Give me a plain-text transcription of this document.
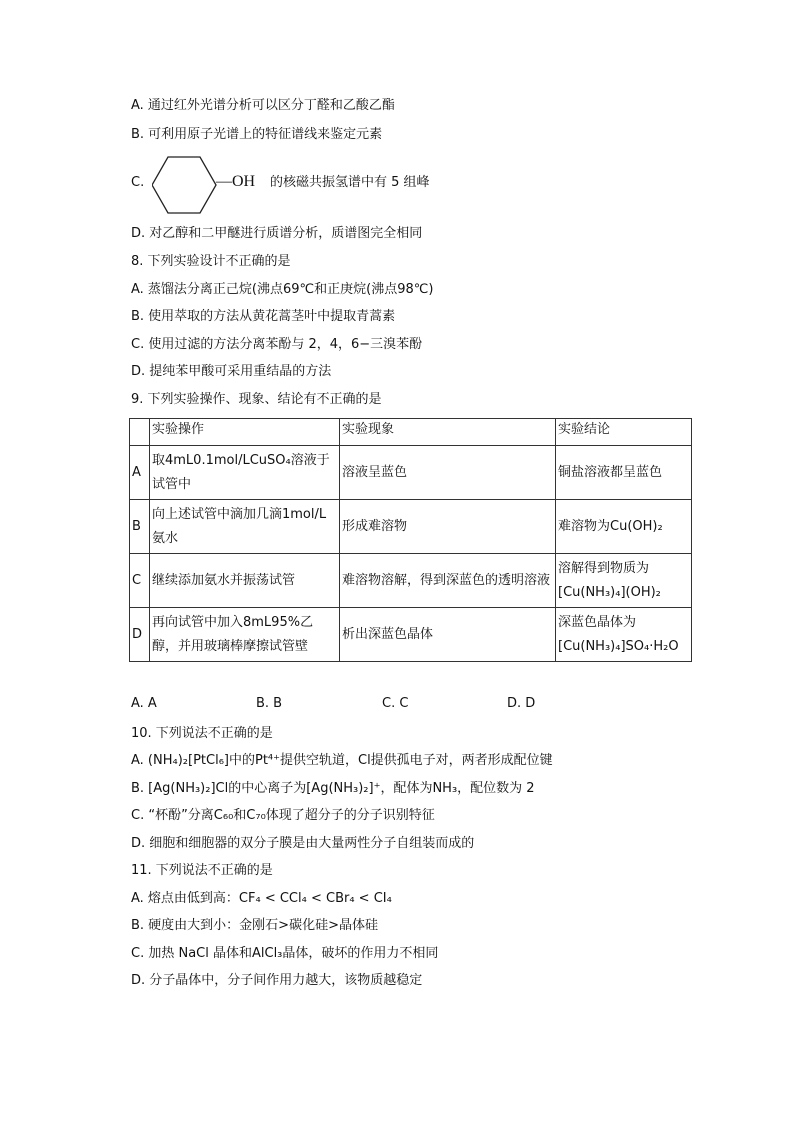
A. 通过红外光谱分析可以区分丁醛和乙酸乙酯
B. 可利用原子光谱上的特征谱线来鉴定元素
C.	—OH 的核磁共振氢谱中有 5 组峰
D. 对乙醇和二甲醚进行质谱分析，质谱图完全相同
8. 下列实验设计不正确的是
A. 蒸馏法分离正己烷(沸点69℃和正庚烷(沸点98℃)
B. 使用萃取的方法从黄花蒿茎叶中提取青蒿素
C. 使用过滤的方法分离苯酚与 2，4，6−三溴苯酚
D. 提纯苯甲酸可采用重结晶的方法
9. 下列实验操作、现象、结论有不正确的是
	实验操作	实验现象	实验结论
A	取4mL0.1mol/LCuSO₄溶液于试管中	溶液呈蓝色	铜盐溶液都呈蓝色
B	向上述试管中滴加几滴1mol/L氨水	形成难溶物	难溶物为Cu(OH)₂
C	继续添加氨水并振荡试管	难溶物溶解，得到深蓝色的透明溶液	溶解得到物质为[Cu(NH₃)₄](OH)₂
D	再向试管中加入8mL95%乙醇，并用玻璃棒摩擦试管壁	析出深蓝色晶体	深蓝色晶体为[Cu(NH₃)₄]SO₄·H₂O
A. A	B. B	C. C	D. D
10. 下列说法不正确的是
A. (NH₄)₂[PtCl₆]中的Pt⁴⁺提供空轨道，Cl提供孤电子对，两者形成配位键
B. [Ag(NH₃)₂]Cl的中心离子为[Ag(NH₃)₂]⁺，配体为NH₃，配位数为 2
C. “杯酚”分离C₆₀和C₇₀体现了超分子的分子识别特征
D. 细胞和细胞器的双分子膜是由大量两性分子自组装而成的
11. 下列说法不正确的是
A. 熔点由低到高：CF₄ < CCl₄ < CBr₄ < CI₄
B. 硬度由大到小：金刚石>碳化硅>晶体硅
C. 加热 NaCl 晶体和AlCl₃晶体，破坏的作用力不相同
D. 分子晶体中，分子间作用力越大，该物质越稳定
